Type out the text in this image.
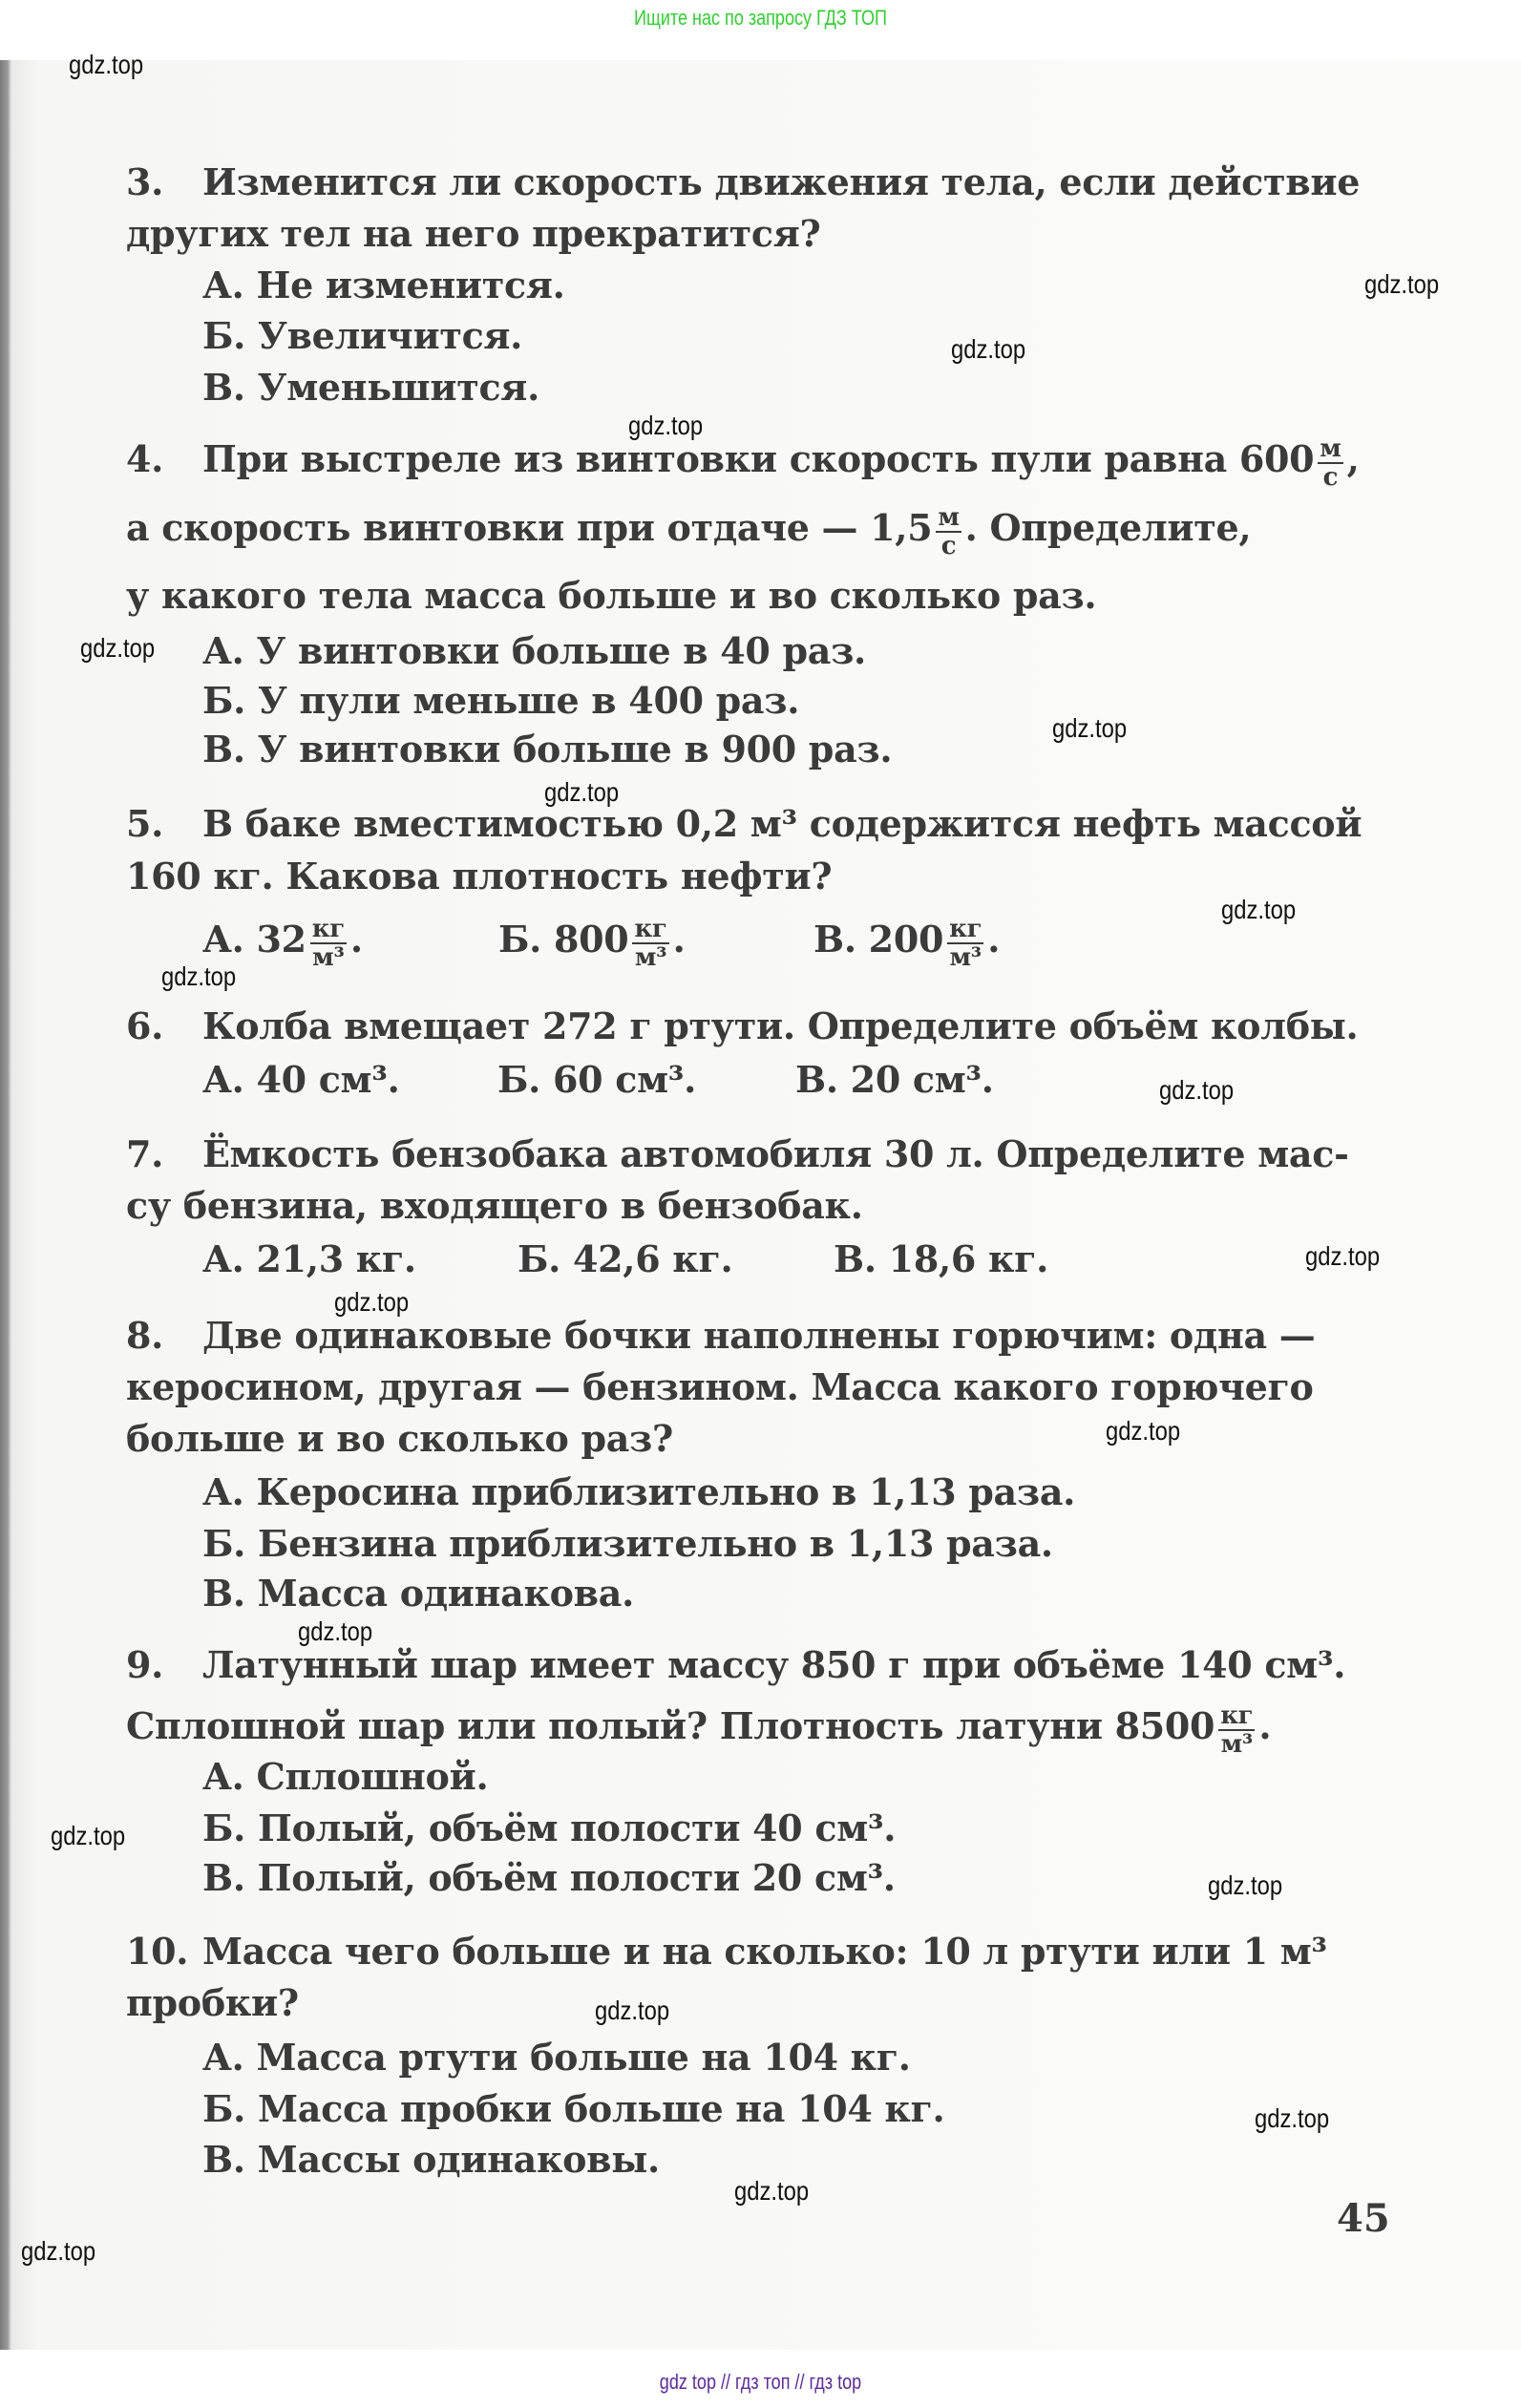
Ищите нас по запросу ГДЗ ТОП
3. Изменится ли скорость движения тела, если действие
других тел на него прекратится?
А. Не изменится.
Б. Увеличится.
В. Уменьшится.
4. При выстреле из винтовки скорость пули равна $600 \frac{м}{с}$ ,
а скорость винтовки при отдаче — $1,5 \frac{м}{с}$ . Определите,
у какого тела масса больше и во сколько раз.
А. У винтовки больше в 40 раз.
Б. У пули меньше в 400 раз.
В. У винтовки больше в 900 раз.
5. В баке вместимостью 0,2 м³ содержится нефть массой
160 кг. Какова плотность нефти?
А. $32 \frac{кг}{\text{м³}}$ .	Б. $800 \frac{кг}{\text{м³}}$ .	В. $200 \frac{кг}{\text{м³}}$ .
6. Колба вмещает 272 г ртути. Определите объём колбы.
А. 40 см³.	Б. 60 см³.	В. 20 см³.
7. Ёмкость бензобака автомобиля 30 л. Определите мас-
су бензина, входящего в бензобак.
А. 21,3 кг.	Б. 42,6 кг.	В. 18,6 кг.
8. Две одинаковые бочки наполнены горючим: одна —
керосином, другая — бензином. Масса какого горючего
больше и во сколько раз?
А. Керосина приблизительно в 1,13 раза.
Б. Бензина приблизительно в 1,13 раза.
В. Масса одинакова.
9. Латунный шар имеет массу 850 г при объёме 140 см³.
Сплошной шар или полый? Плотность латуни $8500 \frac{кг}{\text{м³}}$ .
А. Сплошной.
Б. Полый, объём полости 40 см³.
В. Полый, объём полости 20 см³.
10. Масса чего больше и на сколько: 10 л ртути или 1 м³
пробки?
А. Масса ртути больше на 104 кг.
Б. Масса пробки больше на 104 кг.
В. Массы одинаковы.
45
gdz.top
gdz.top
gdz.top
gdz.top
gdz.top
gdz.top
gdz.top
gdz.top
gdz.top
gdz.top
gdz.top
gdz.top
gdz.top
gdz.top
gdz.top
gdz.top
gdz.top
gdz.top
gdz.top
gdz.top
gdz top // гдз топ // гдз top
